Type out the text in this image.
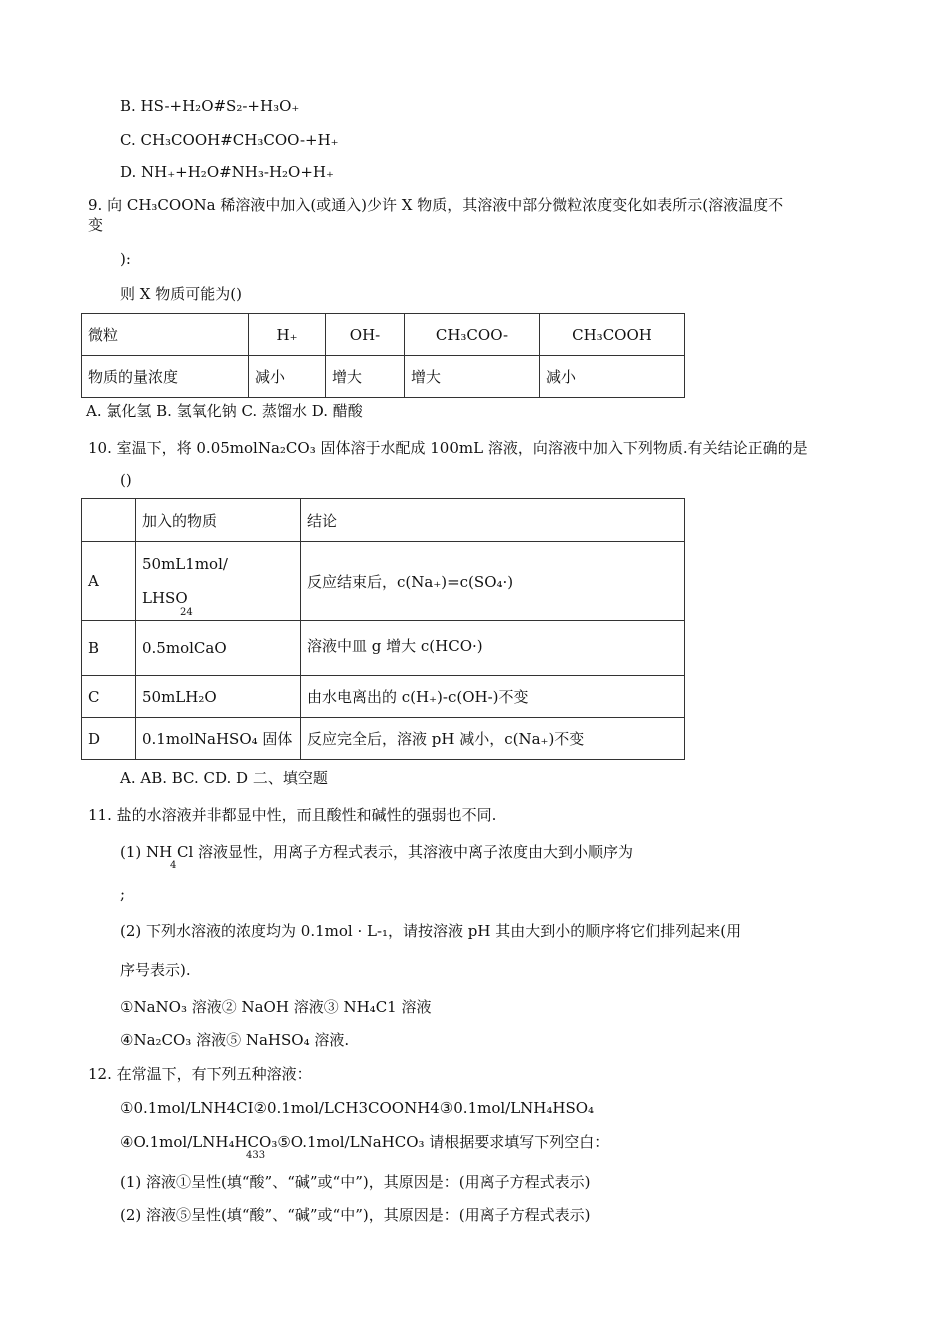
B. HS-+H₂O#S₂-+H₃O₊
C. CH₃COOH#CH₃COO-+H₊
D. NH₊+H₂O#NH₃-H₂O+H₊
9. 向 CH₃COONa 稀溶液中加入(或通入)少许 X 物质，其溶液中部分微粒浓度变化如表所示(溶液温度不
变
):
则 X 物质可能为()
微粒	H₊	OH-	CH₃COO-	CH₃COOH
物质的量浓度	减小	增大	增大	减小
A. 氯化氢 B. 氢氧化钠 C. 蒸馏水 D. 醋酸
10. 室温下，将 0.05molNa₂CO₃ 固体溶于水配成 100mL 溶液，向溶液中加入下列物质.有关结论正确的是
()
	加入的物质	结论
A	50mL1mol/
LHSO
24	反应结束后，c(Na₊)=c(SO₄·)
B	0.5molCaO	溶液中皿 g 增大 c(HCO·)
C	50mLH₂O	由水电离出的 c(H₊)-c(OH-)不变
D	0.1molNaHSO₄ 固体	反应完全后，溶液 pH 减小，c(Na₊)不变
A. AB. BC. CD. D 二、填空题
11. 盐的水溶液并非都显中性，而且酸性和碱性的强弱也不同.
(1) NH Cl 溶液显性，用离子方程式表示，其溶液中离子浓度由大到小顺序为
4
;
(2) 下列水溶液的浓度均为 0.1mol · L-₁，请按溶液 pH 其由大到小的顺序将它们排列起来(用
序号表示).
①NaNO₃ 溶液② NaOH 溶液③ NH₄C1 溶液
④Na₂CO₃ 溶液⑤ NaHSO₄ 溶液.
12. 在常温下，有下列五种溶液：
①0.1mol/LNH4CI②0.1mol/LCH3COONH4③0.1mol/LNH₄HSO₄
④O.1mol/LNH₄HCO₃⑤O.1mol/LNaHCO₃ 请根据要求填写下列空白：
433
(1) 溶液①呈性(填“酸”、“碱”或“中”)，其原因是：(用离子方程式表示)
(2) 溶液⑤呈性(填“酸”、“碱”或“中”)，其原因是：(用离子方程式表示)
